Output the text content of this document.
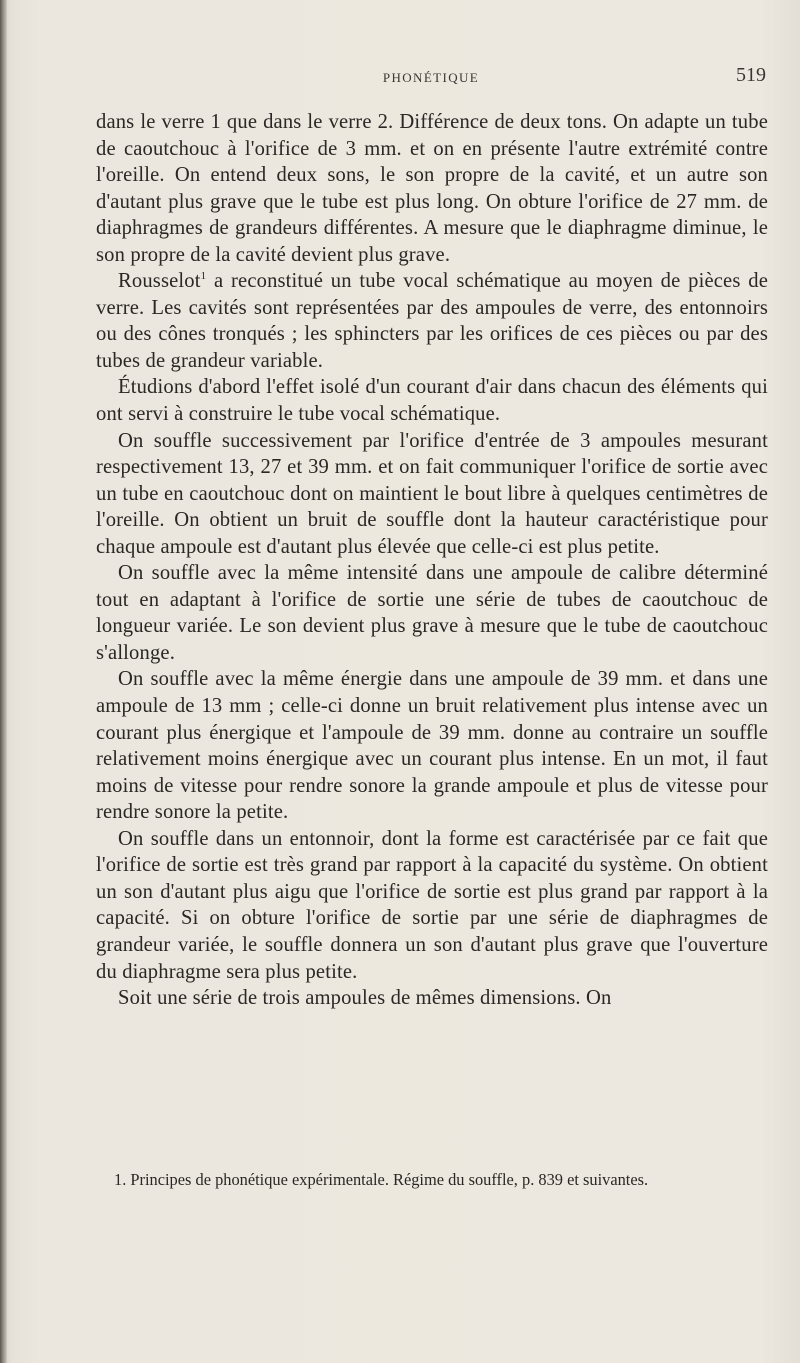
PHONÉTIQUE	519

dans le verre 1 que dans le verre 2. Différence de deux tons. On adapte un tube de caoutchouc à l'orifice de 3 mm. et on en présente l'autre extrémité contre l'oreille. On entend deux sons, le son propre de la cavité, et un autre son d'autant plus grave que le tube est plus long. On obture l'orifice de 27 mm. de diaphragmes de grandeurs différentes. A mesure que le diaphragme diminue, le son propre de la cavité devient plus grave.

Rousselot$^1$ a reconstitué un tube vocal schématique au moyen de pièces de verre. Les cavités sont représentées par des ampoules de verre, des entonnoirs ou des cônes tronqués ; les sphincters par les orifices de ces pièces ou par des tubes de grandeur variable.

Étudions d'abord l'effet isolé d'un courant d'air dans chacun des éléments qui ont servi à construire le tube vocal schématique.

On souffle successivement par l'orifice d'entrée de 3 ampoules mesurant respectivement 13, 27 et 39 mm. et on fait communiquer l'orifice de sortie avec un tube en caoutchouc dont on maintient le bout libre à quelques centimètres de l'oreille. On obtient un bruit de souffle dont la hauteur caractéristique pour chaque ampoule est d'autant plus élevée que celle-ci est plus petite.

On souffle avec la même intensité dans une ampoule de calibre déterminé tout en adaptant à l'orifice de sortie une série de tubes de caoutchouc de longueur variée. Le son devient plus grave à mesure que le tube de caoutchouc s'allonge.

On souffle avec la même énergie dans une ampoule de 39 mm. et dans une ampoule de 13 mm ; celle-ci donne un bruit relativement plus intense avec un courant plus énergique et l'ampoule de 39 mm. donne au contraire un souffle relativement moins énergique avec un courant plus intense. En un mot, il faut moins de vitesse pour rendre sonore la grande ampoule et plus de vitesse pour rendre sonore la petite.

On souffle dans un entonnoir, dont la forme est caractérisée par ce fait que l'orifice de sortie est très grand par rapport à la capacité du système. On obtient un son d'autant plus aigu que l'orifice de sortie est plus grand par rapport à la capacité. Si on obture l'orifice de sortie par une série de diaphragmes de grandeur variée, le souffle donnera un son d'autant plus grave que l'ouverture du diaphragme sera plus petite.

Soit une série de trois ampoules de mêmes dimensions. On

1. Principes de phonétique expérimentale. Régime du souffle, p. 839 et suivantes.
